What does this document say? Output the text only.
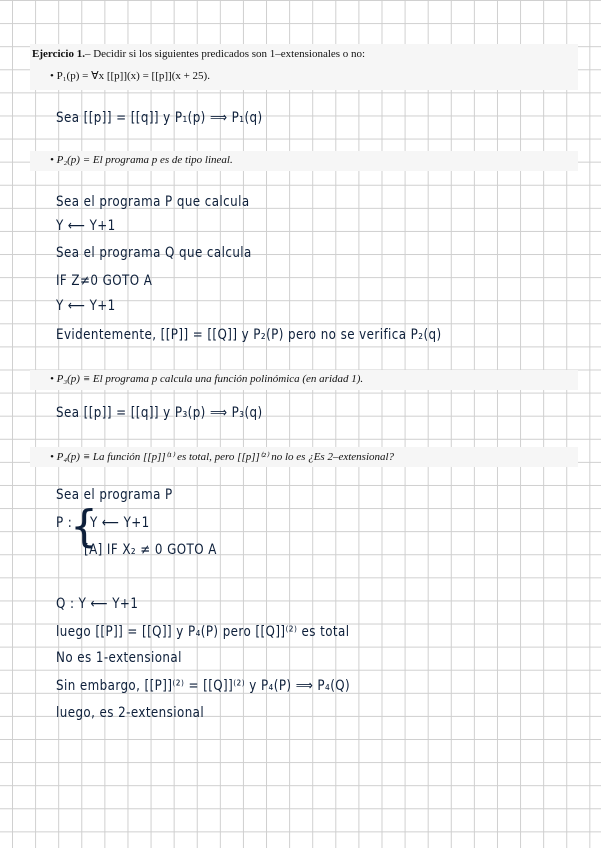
Ejercicio 1.– Decidir si los siguientes predicados son 1–extensionales o no:
• P₁(p) = ∀x [[p]](x) = [[p]](x + 25).
• P₂(p) = El programa p es de tipo lineal.
• P₃(p) ≡ El programa p calcula una función polinómica (en aridad 1).
• P₄(p) ≡ La función [[p]]⁽¹⁾ es total, pero [[p]]⁽²⁾ no lo es ¿Es 2–extensional?
Sea [[p]] = [[q]] y P₁(p) ⟹ P₁(q)
Sea el programa P que calcula
Y ⟵ Y+1
Sea el programa Q que calcula
IF Z≠0 GOTO A
Y ⟵ Y+1
Evidentemente, [[P]] = [[Q]] y P₂(P) pero no se verifica P₂(q)
Sea [[p]] = [[q]] y P₃(p) ⟹ P₃(q)
Sea el programa P
P :
{
Y ⟵ Y+1
[A] IF X₂ ≠ 0 GOTO A
Q : Y ⟵ Y+1
luego [[P]] = [[Q]] y P₄(P) pero [[Q]]⁽²⁾ es total
No es 1-extensional
Sin embargo, [[P]]⁽²⁾ = [[Q]]⁽²⁾ y P₄(P) ⟹ P₄(Q)
luego, es 2-extensional
